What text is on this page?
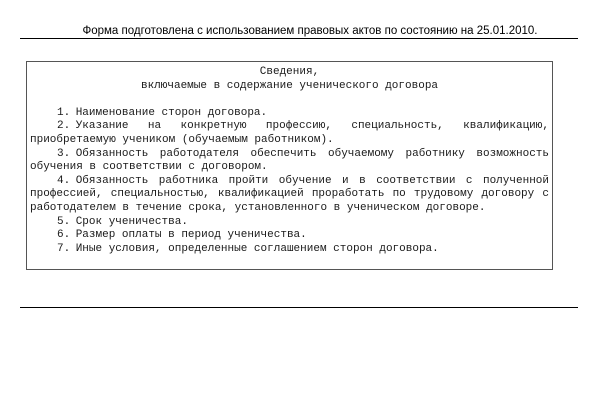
Форма подготовлена с использованием правовых актов по состоянию на 25.01.2010.

Сведения,

включаемые в содержание ученического договора

1. Наименование сторон договора.

2. Указание на конкретную профессию, специальность, квалификацию, приобретаемую учеником (обучаемым работником).

3. Обязанность работодателя обеспечить обучаемому работнику возможность обучения в соответствии с договором.

4. Обязанность работника пройти обучение и в соответствии с полученной профессией, специальностью, квалификацией проработать по трудовому договору с работодателем в течение срока, установленного в ученическом договоре.

5. Срок ученичества.

6. Размер оплаты в период ученичества.

7. Иные условия, определенные соглашением сторон договора.
